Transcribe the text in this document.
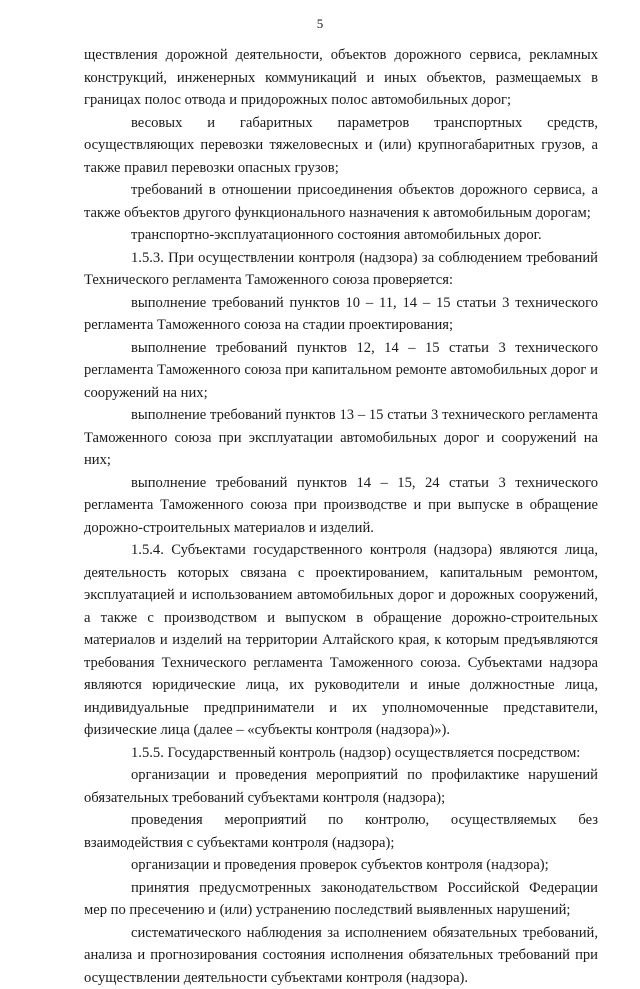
5

ществления дорожной деятельности, объектов дорожного сервиса, рекламных конструкций, инженерных коммуникаций и иных объектов, размещаемых в границах полос отвода и придорожных полос автомобильных дорог;

весовых и габаритных параметров транспортных средств, осуществляющих перевозки тяжеловесных и (или) крупногабаритных грузов, а также правил перевозки опасных грузов;

требований в отношении присоединения объектов дорожного сервиса, а также объектов другого функционального назначения к автомобильным дорогам;

транспортно-эксплуатационного состояния автомобильных дорог.

1.5.3. При осуществлении контроля (надзора) за соблюдением требований Технического регламента Таможенного союза проверяется:

выполнение требований пунктов 10 – 11, 14 – 15 статьи 3 технического регламента Таможенного союза на стадии проектирования;

выполнение требований пунктов 12, 14 – 15 статьи 3 технического регламента Таможенного союза при капитальном ремонте автомобильных дорог и сооружений на них;

выполнение требований пунктов 13 – 15 статьи 3 технического регламента Таможенного союза при эксплуатации автомобильных дорог и сооружений на них;

выполнение требований пунктов 14 – 15, 24 статьи 3 технического регламента Таможенного союза при производстве и при выпуске в обращение дорожно-строительных материалов и изделий.

1.5.4. Субъектами государственного контроля (надзора) являются лица, деятельность которых связана с проектированием, капитальным ремонтом, эксплуатацией и использованием автомобильных дорог и дорожных сооружений, а также с производством и выпуском в обращение дорожно-строительных материалов и изделий на территории Алтайского края, к которым предъявляются требования Технического регламента Таможенного союза. Субъектами надзора являются юридические лица, их руководители и иные должностные лица, индивидуальные предприниматели и их уполномоченные представители, физические лица (далее – «субъекты контроля (надзора)»).

1.5.5. Государственный контроль (надзор) осуществляется посредством:

организации и проведения мероприятий по профилактике нарушений обязательных требований субъектами контроля (надзора);

проведения мероприятий по контролю, осуществляемых без взаимодействия с субъектами контроля (надзора);

организации и проведения проверок субъектов контроля (надзора);

принятия предусмотренных законодательством Российской Федерации мер по пресечению и (или) устранению последствий выявленных нарушений;

систематического наблюдения за исполнением обязательных требований, анализа и прогнозирования состояния исполнения обязательных требований при осуществлении деятельности субъектами контроля (надзора).
